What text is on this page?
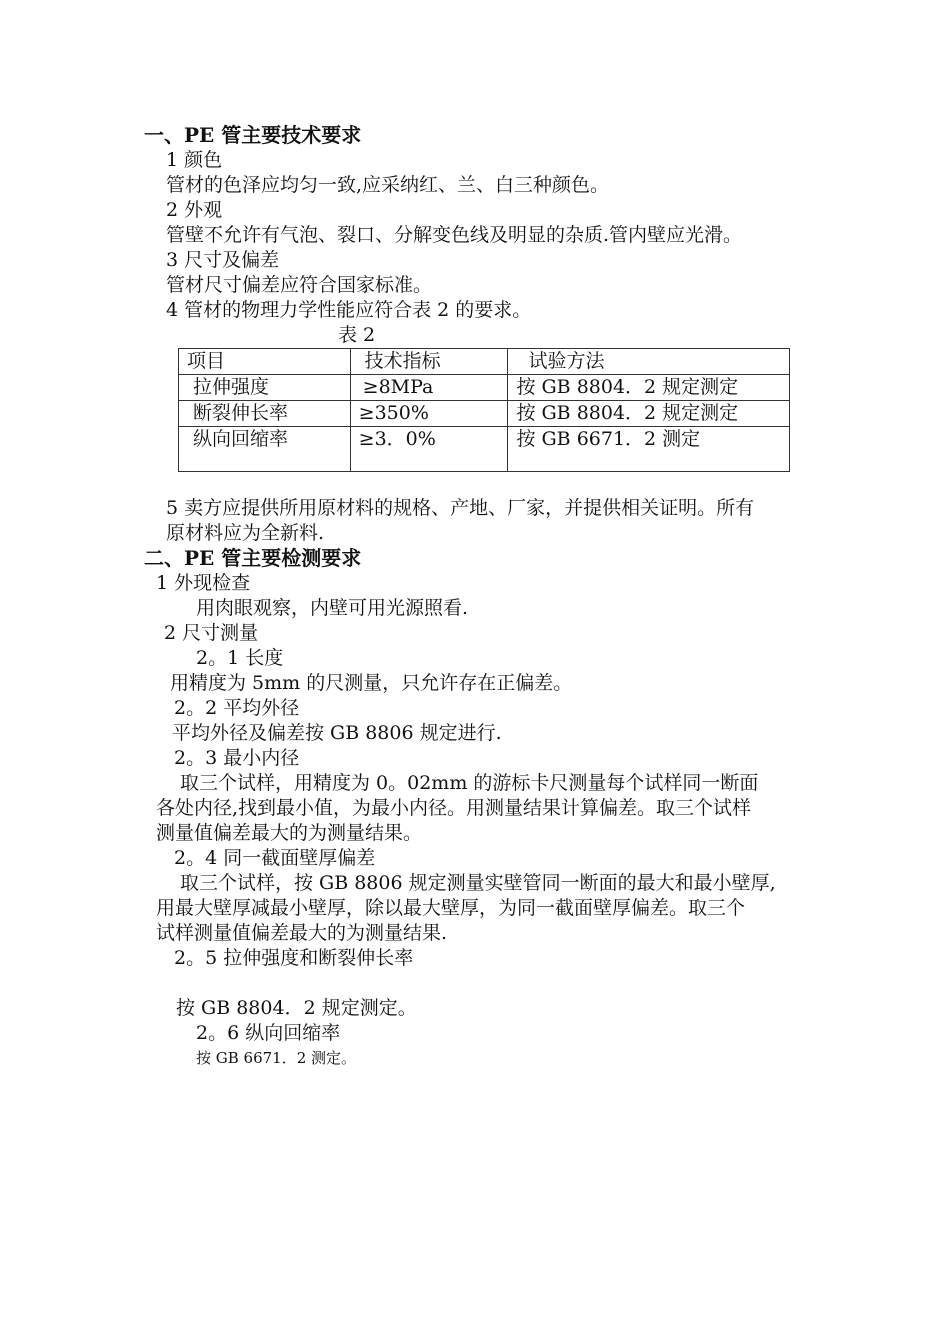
一、PE 管主要技术要求
1 颜色
管材的色泽应均匀一致,应采纳红、兰、白三种颜色。
2 外观
管壁不允许有气泡、裂口、分解变色线及明显的杂质.管内壁应光滑。
3 尺寸及偏差
管材尺寸偏差应符合国家标准。
4 管材的物理力学性能应符合表 2 的要求。
表 2
项目	技术指标	试验方法
拉伸强度	≥8MPa	按 GB 8804．2 规定测定
断裂伸长率	≥350%	按 GB 8804．2 规定测定
纵向回缩率	≥3．0%	按 GB 6671．2 测定
5 卖方应提供所用原材料的规格、产地、厂家，并提供相关证明。所有
原材料应为全新料.
二、PE 管主要检测要求
1 外现检查
用肉眼观察，内壁可用光源照看.
2 尺寸测量
2。1 长度
用精度为 5mm 的尺测量，只允许存在正偏差。
2。2 平均外径
平均外径及偏差按 GB 8806 规定进行.
2。3 最小内径
取三个试样，用精度为 0。02mm 的游标卡尺测量每个试样同一断面
各处内径,找到最小值，为最小内径。用测量结果计算偏差。取三个试样
测量值偏差最大的为测量结果。
2。4 同一截面壁厚偏差
取三个试样，按 GB 8806 规定测量实壁管同一断面的最大和最小壁厚,
用最大壁厚减最小壁厚，除以最大壁厚，为同一截面壁厚偏差。取三个
试样测量值偏差最大的为测量结果.
2。5 拉伸强度和断裂伸长率
按 GB 8804．2 规定测定。
2。6 纵向回缩率
按 GB 6671．2 测定。
